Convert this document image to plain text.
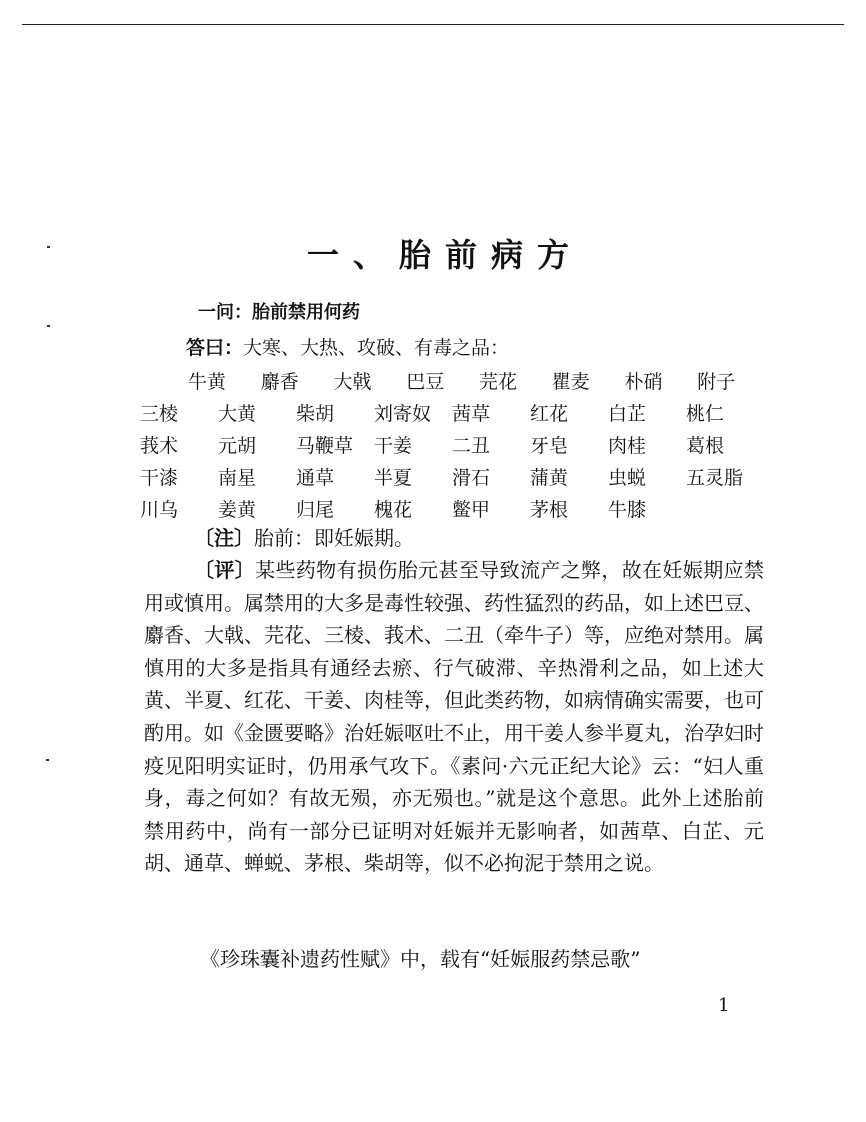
一、胎前病方

一问：胎前禁用何药

答曰：大寒、大热、攻破、有毒之品：

牛黄	麝香	大戟	巴豆	芫花	瞿麦	朴硝	附子
三棱	大黄	柴胡	刘寄奴	茜草	红花	白芷	桃仁
莪术	元胡	马鞭草	干姜	二丑	牙皂	肉桂	葛根
干漆	南星	通草	半夏	滑石	蒲黄	虫蜕	五灵脂
川乌	姜黄	归尾	槐花	鳖甲	茅根	牛膝

〔注〕胎前：即妊娠期。

〔评〕某些药物有损伤胎元甚至导致流产之弊，故在妊娠期应禁用或慎用。属禁用的大多是毒性较强、药性猛烈的药品，如上述巴豆、麝香、大戟、芫花、三棱、莪术、二丑（牵牛子）等，应绝对禁用。属慎用的大多是指具有通经去瘀、行气破滞、辛热滑利之品，如上述大黄、半夏、红花、干姜、肉桂等，但此类药物，如病情确实需要，也可酌用。如《金匮要略》治妊娠呕吐不止，用干姜人参半夏丸，治孕妇时疫见阳明实证时，仍用承气攻下。《素问·六元正纪大论》云：“妇人重身，毒之何如？有故无殒，亦无殒也。”就是这个意思。此外上述胎前禁用药中，尚有一部分已证明对妊娠并无影响者，如茜草、白芷、元胡、通草、蝉蜕、茅根、柴胡等，似不必拘泥于禁用之说。

《珍珠囊补遗药性赋》中，载有“妊娠服药禁忌歌”

1
